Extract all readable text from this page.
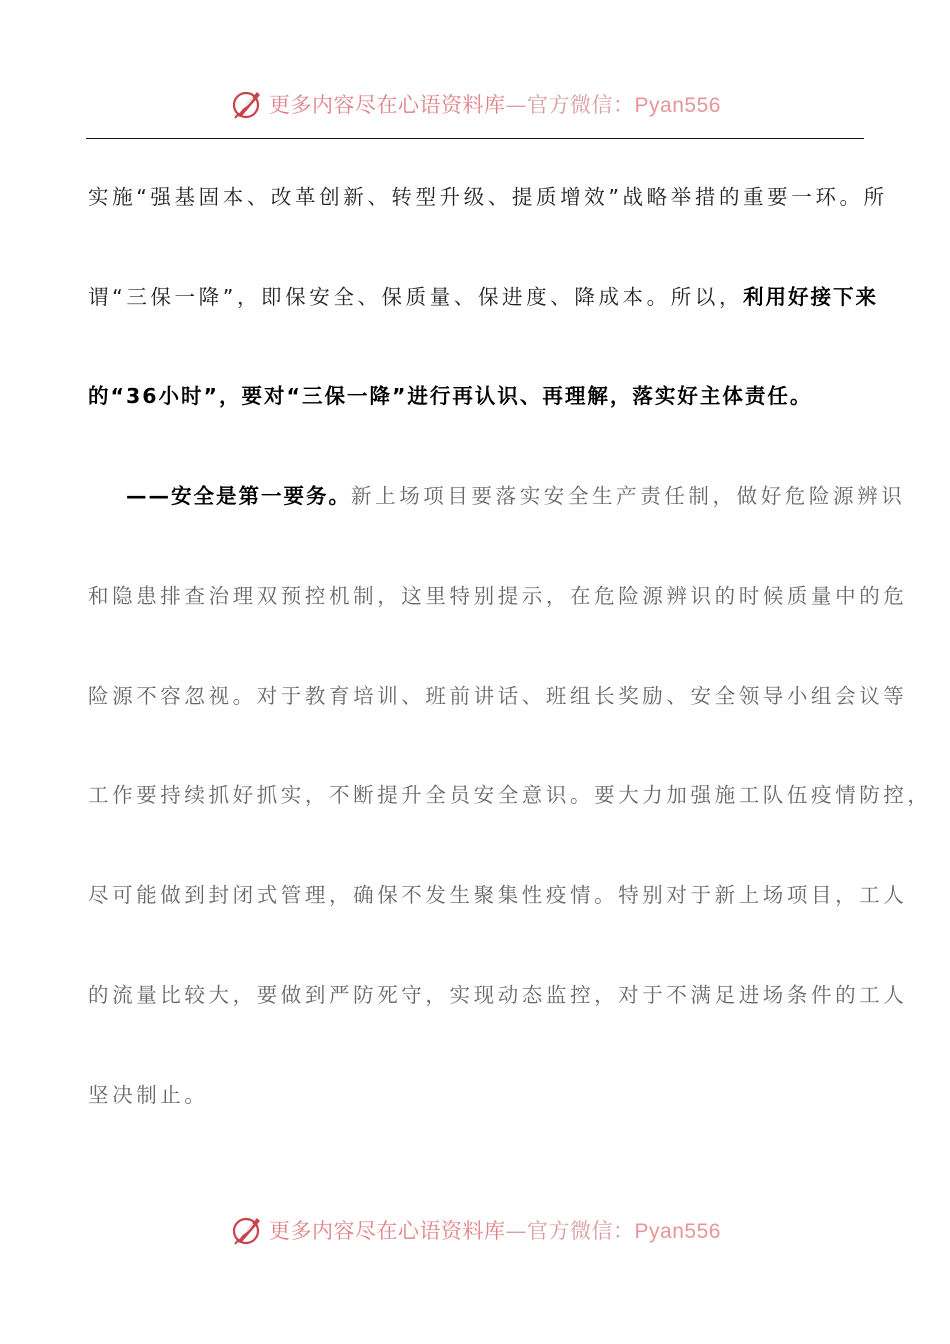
更多内容尽在心语资料库—官方微信：Pyan556
实施“强基固本、改革创新、转型升级、提质增效”战略举措的重要一环。所
谓“三保一降”，即保安全、保质量、保进度、降成本。所以，利用好接下来
的“36小时”，要对“三保一降”进行再认识、再理解，落实好主体责任。
——安全是第一要务。新上场项目要落实安全生产责任制，做好危险源辨识
和隐患排查治理双预控机制，这里特别提示，在危险源辨识的时候质量中的危
险源不容忽视。对于教育培训、班前讲话、班组长奖励、安全领导小组会议等
工作要持续抓好抓实，不断提升全员安全意识。要大力加强施工队伍疫情防控，
尽可能做到封闭式管理，确保不发生聚集性疫情。特别对于新上场项目，工人
的流量比较大，要做到严防死守，实现动态监控，对于不满足进场条件的工人
坚决制止。
更多内容尽在心语资料库—官方微信：Pyan556
